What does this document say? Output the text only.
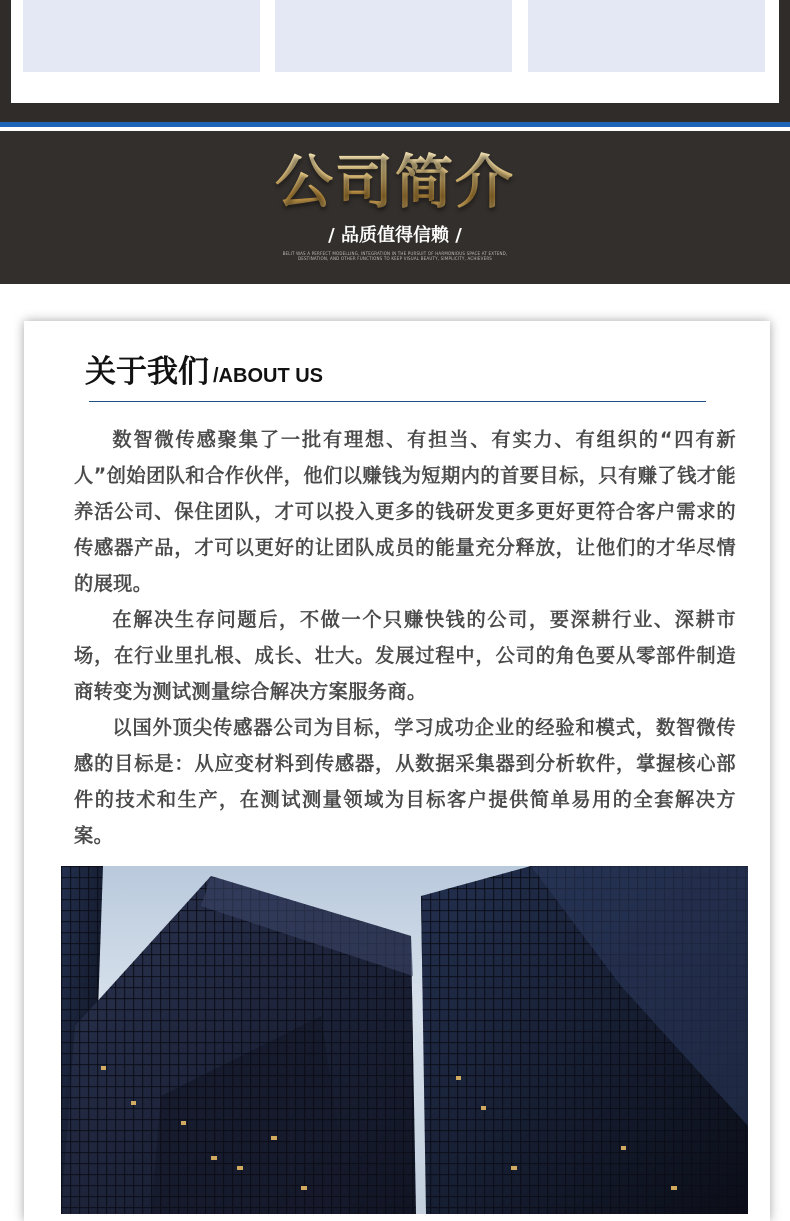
公司简介
/ 品质值得信赖 /
BELIT WAS A PERFECT MODELLING, INTEGRATION IN THE PURSUIT OF HARMONIOUS SPACE AT EXTEND, DESTINATION, AND OTHER FUNCTIONS TO KEEP VISUAL BEAUTY, SIMPLICITY, ACHIEVERS
关于我们 /ABOUT US

数智微传感聚集了一批有理想、有担当、有实力、有组织的“四有新人”创始团队和合作伙伴，他们以赚钱为短期内的首要目标，只有赚了钱才能养活公司、保住团队，才可以投入更多的钱研发更多更好更符合客户需求的传感器产品，才可以更好的让团队成员的能量充分释放，让他们的才华尽情的展现。

在解决生存问题后，不做一个只赚快钱的公司，要深耕行业、深耕市场，在行业里扎根、成长、壮大。发展过程中，公司的角色要从零部件制造商转变为测试测量综合解决方案服务商。

以国外顶尖传感器公司为目标，学习成功企业的经验和模式，数智微传感的目标是：从应变材料到传感器，从数据采集器到分析软件，掌握核心部件的技术和生产，在测试测量领域为目标客户提供简单易用的全套解决方案。
